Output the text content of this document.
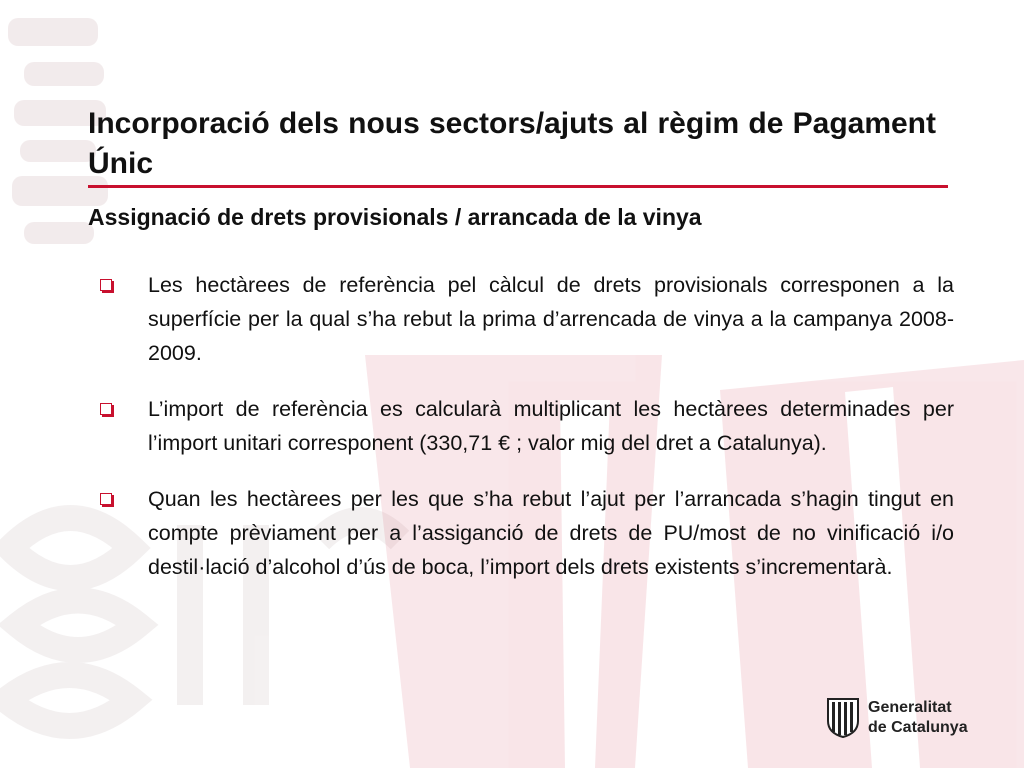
Incorporació dels nous sectors/ajuts al règim de Pagament Únic
Assignació de drets provisionals / arrancada de la vinya
Les hectàrees de referència pel càlcul de drets provisionals corresponen a la superfície per la qual s’ha rebut la prima d’arrencada de vinya a la campanya 2008-2009.
L’import de referència es calcularà multiplicant les hectàrees determinades per l’import unitari corresponent (330,71 € ; valor mig del dret a Catalunya).
Quan les hectàrees per les que s’ha rebut l’ajut per l’arrancada s’hagin tingut en compte prèviament per a l’assiganció de drets de PU/most de no vinificació i/o destil·lació d’alcohol d’ús de boca, l’import dels drets existents s’incrementarà.
Generalitat
de Catalunya
